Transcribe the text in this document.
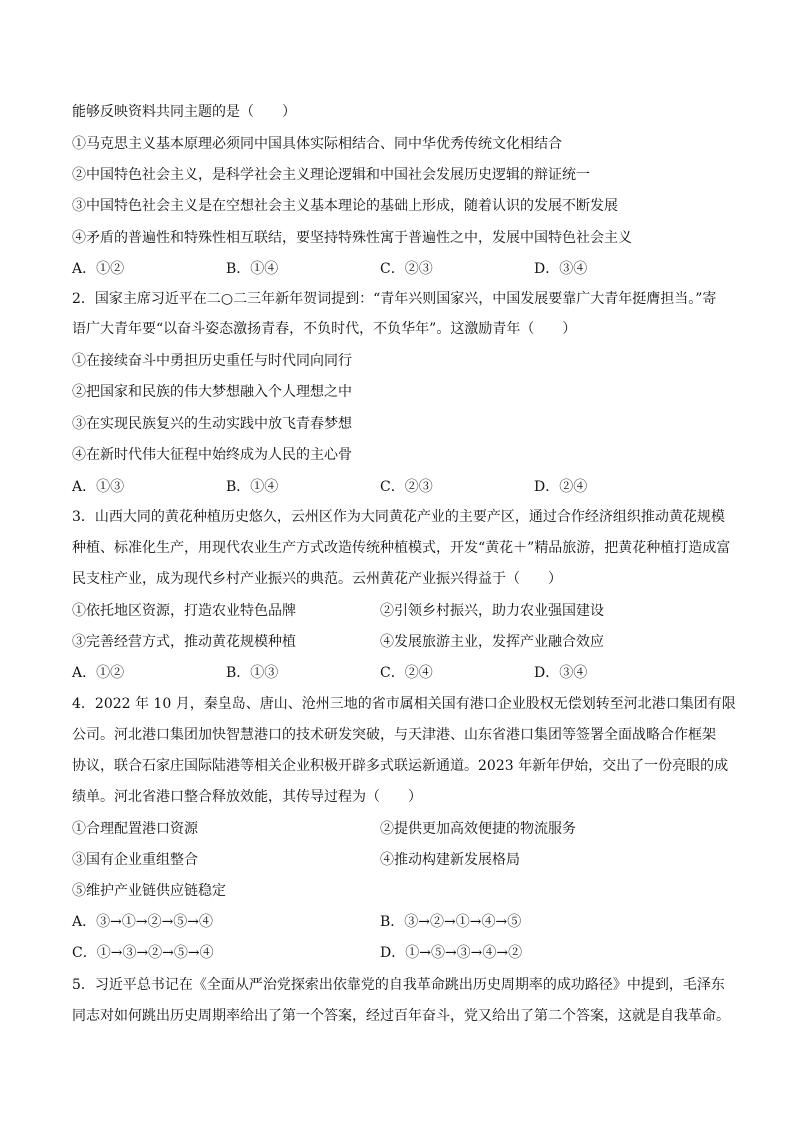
能够反映资料共同主题的是（　　）
①马克思主义基本原理必须同中国具体实际相结合、同中华优秀传统文化相结合
②中国特色社会主义，是科学社会主义理论逻辑和中国社会发展历史逻辑的辩证统一
③中国特色社会主义是在空想社会主义基本理论的基础上形成，随着认识的发展不断发展
④矛盾的普遍性和特殊性相互联结，要坚持特殊性寓于普遍性之中，发展中国特色社会主义
A．①②	B．①④	C．②③	D．③④
2．国家主席习近平在二○二三年新年贺词提到：“青年兴则国家兴，中国发展要靠广大青年挺膺担当。”寄
语广大青年要“以奋斗姿态激扬青春，不负时代，不负华年”。这激励青年（　　）
①在接续奋斗中勇担历史重任与时代同向同行
②把国家和民族的伟大梦想融入个人理想之中
③在实现民族复兴的生动实践中放飞青春梦想
④在新时代伟大征程中始终成为人民的主心骨
A．①③	B．①④	C．②③	D．②④
3．山西大同的黄花种植历史悠久，云州区作为大同黄花产业的主要产区，通过合作经济组织推动黄花规模
种植、标准化生产，用现代农业生产方式改造传统种植模式，开发“黄花＋”精品旅游，把黄花种植打造成富
民支柱产业，成为现代乡村产业振兴的典范。云州黄花产业振兴得益于（　　）
①依托地区资源，打造农业特色品牌	②引领乡村振兴，助力农业强国建设
③完善经营方式，推动黄花规模种植	④发展旅游主业，发挥产业融合效应
A．①②	B．①③	C．②④	D．③④
4．2022 年 10 月，秦皇岛、唐山、沧州三地的省市属相关国有港口企业股权无偿划转至河北港口集团有限
公司。河北港口集团加快智慧港口的技术研发突破，与天津港、山东省港口集团等签署全面战略合作框架
协议，联合石家庄国际陆港等相关企业积极开辟多式联运新通道。2023 年新年伊始，交出了一份亮眼的成
绩单。河北省港口整合释放效能，其传导过程为（　　）
①合理配置港口资源	②提供更加高效便捷的物流服务
③国有企业重组整合	④推动构建新发展格局
⑤维护产业链供应链稳定
A．③→①→②→⑤→④	B．③→②→①→④→⑤
C．①→③→②→⑤→④	D．①→⑤→③→④→②
5．习近平总书记在《全面从严治党探索出依靠党的自我革命跳出历史周期率的成功路径》中提到，毛泽东
同志对如何跳出历史周期率给出了第一个答案，经过百年奋斗，党又给出了第二个答案，这就是自我革命。
